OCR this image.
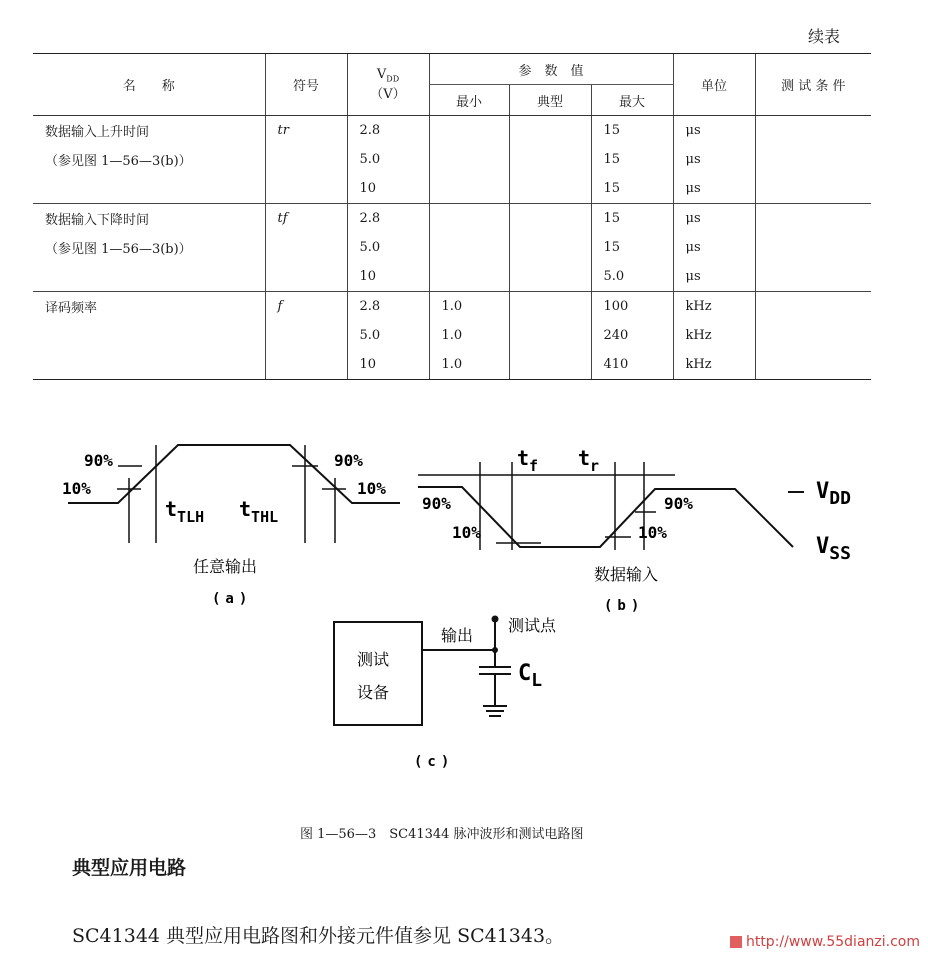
续表
名　　称	符号	$V_{DD}$
（V）	参　数　值			单位	测 试 条 件
			最小	典型	最大		
数据输入上升时间	tr	2.8			15	μs	
（参见图 1—56—3(b)）		5.0			15	μs	
		10			15	μs	
数据输入下降时间	tf	2.8			15	μs	
（参见图 1—56—3(b)）		5.0			15	μs	
		10			5.0	μs	
译码频率	f	2.8	1.0		100	kHz	
		5.0	1.0		240	kHz	
		10	1.0		410	kHz	
90%
10%
90%
10%
$t_{TLH}$ $t_{THL}$
任意输出
(a)
$t_f$ $t_r$
90%
10%
90%
10%
$V_{DD}$
$V_{SS}$
数据输入
(b)
测试
设备
输出
测试点
$C_L$
(c)
图 1—56—3　SC41344 脉冲波形和测试电路图
典型应用电路
SC41344 典型应用电路图和外接元件值参见 SC41343。	http://www.55dianzi.com
